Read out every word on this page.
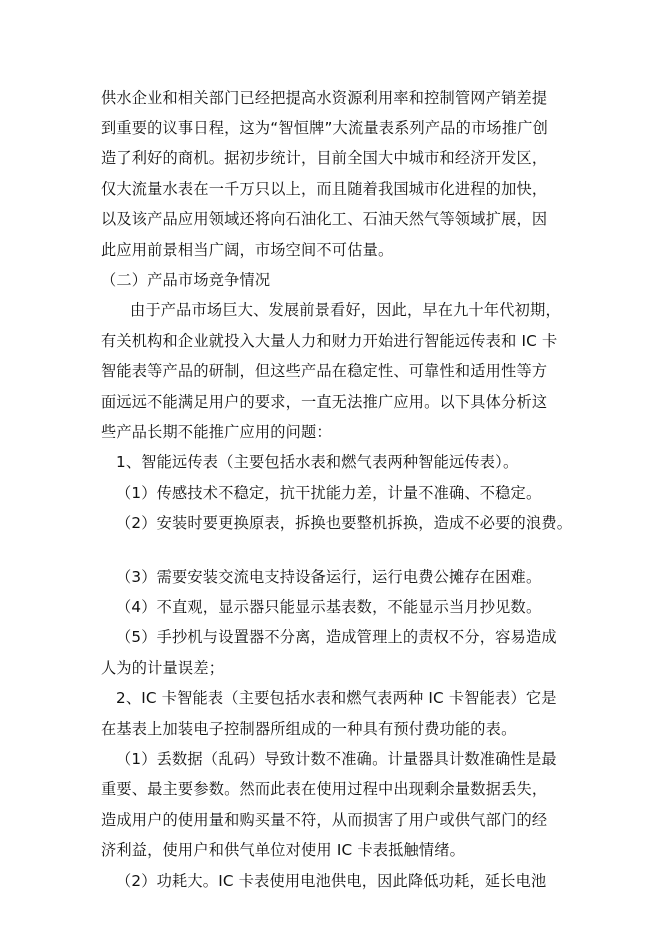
供水企业和相关部门已经把提高水资源利用率和控制管网产销差提
到重要的议事日程，这为“智恒牌”大流量表系列产品的市场推广创
造了利好的商机。据初步统计，目前全国大中城市和经济开发区，
仅大流量水表在一千万只以上，而且随着我国城市化进程的加快，
以及该产品应用领域还将向石油化工、石油天然气等领域扩展，因
此应用前景相当广阔，市场空间不可估量。
（二）产品市场竞争情况
由于产品市场巨大、发展前景看好，因此，早在九十年代初期，
有关机构和企业就投入大量人力和财力开始进行智能远传表和 IC 卡
智能表等产品的研制，但这些产品在稳定性、可靠性和适用性等方
面远远不能满足用户的要求，一直无法推广应用。以下具体分析这
些产品长期不能推广应用的问题：
1、智能远传表（主要包括水表和燃气表两种智能远传表）。
（1）传感技术不稳定，抗干扰能力差，计量不准确、不稳定。
（2）安装时要更换原表，拆换也要整机拆换，造成不必要的浪费。
（3）需要安装交流电支持设备运行，运行电费公摊存在困难。
（4）不直观，显示器只能显示基表数，不能显示当月抄见数。
（5）手抄机与设置器不分离，造成管理上的责权不分，容易造成
人为的计量误差；
2、IC 卡智能表（主要包括水表和燃气表两种 IC 卡智能表）它是
在基表上加装电子控制器所组成的一种具有预付费功能的表。
（1）丢数据（乱码）导致计数不准确。计量器具计数准确性是最
重要、最主要参数。然而此表在使用过程中出现剩余量数据丢失，
造成用户的使用量和购买量不符，从而损害了用户或供气部门的经
济利益，使用户和供气单位对使用 IC 卡表抵触情绪。
（2）功耗大。IC 卡表使用电池供电，因此降低功耗，延长电池
